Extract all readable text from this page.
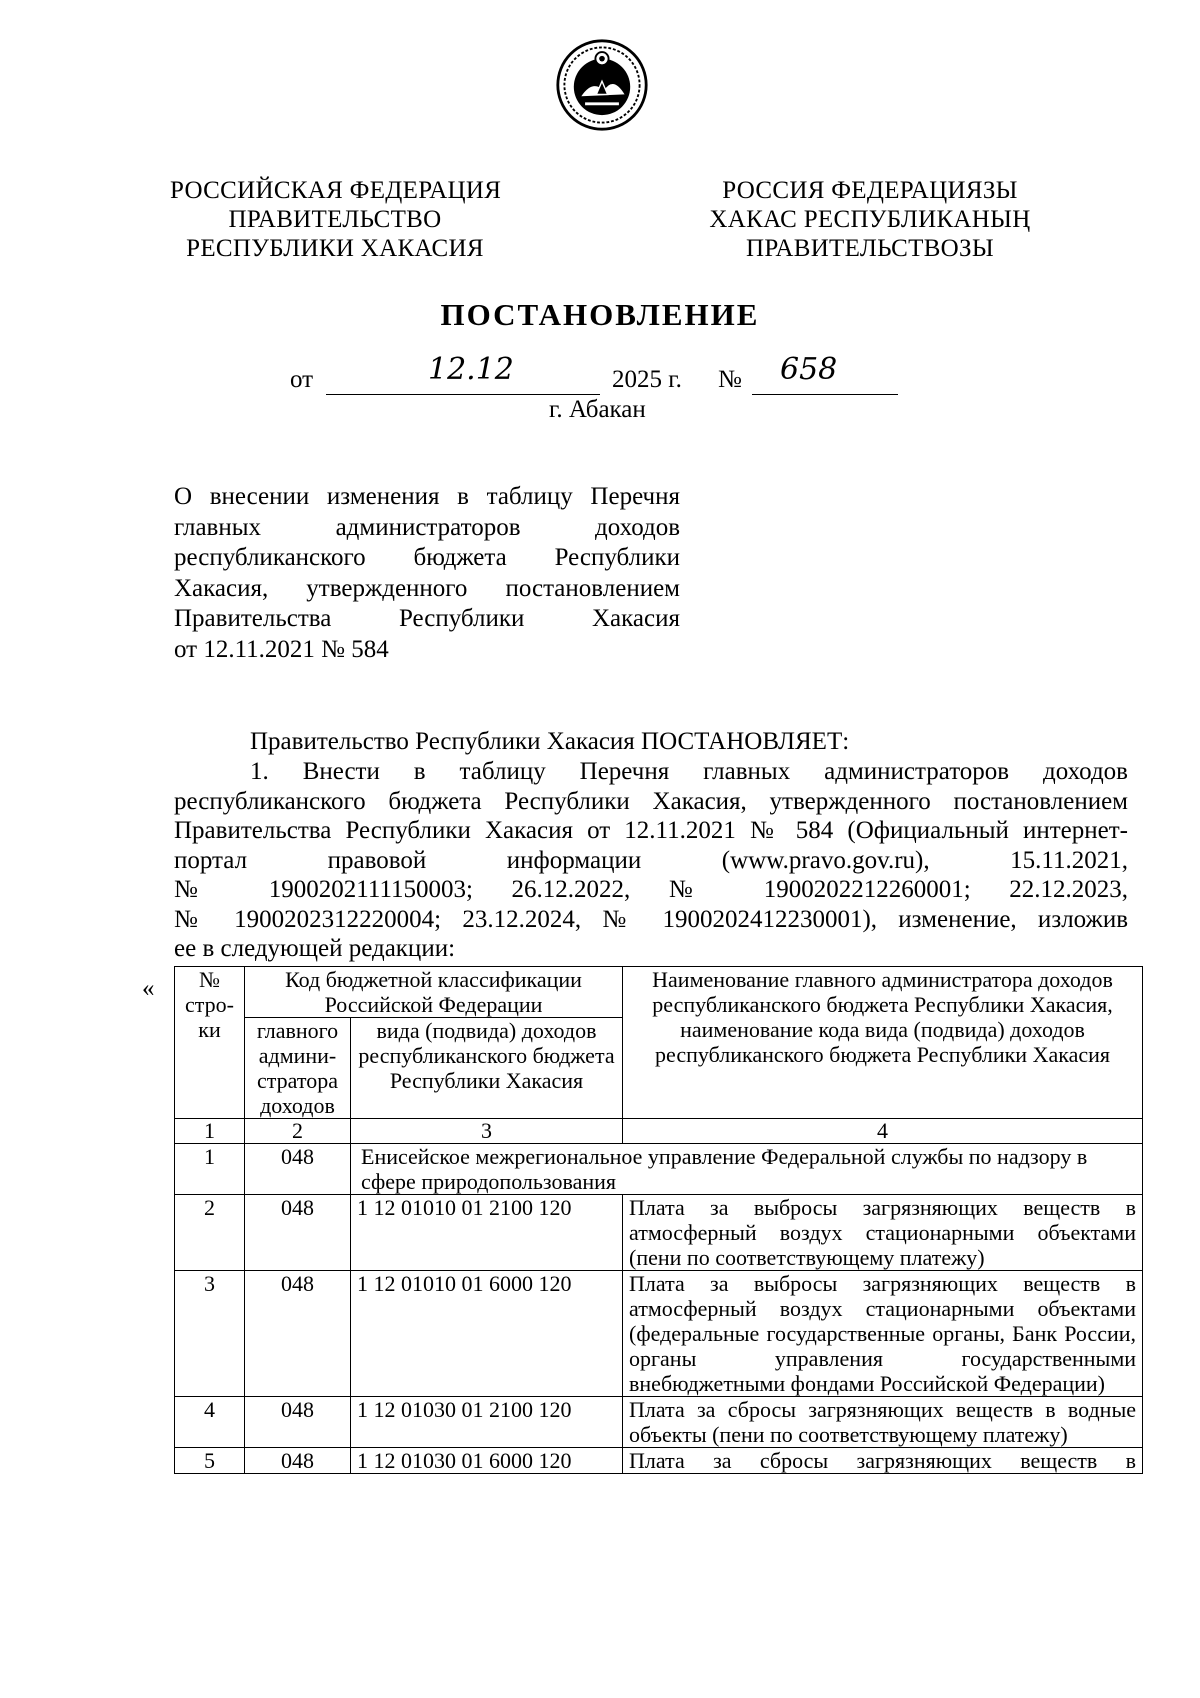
РОССИЙСКАЯ ФЕДЕРАЦИЯ
ПРАВИТЕЛЬСТВО
РЕСПУБЛИКИ ХАКАСИЯ
РОССИЯ ФЕДЕРАЦИЯЗЫ
ХАКАС РЕСПУБЛИКАНЫҢ
ПРАВИТЕЛЬСТВОЗЫ
ПОСТАНОВЛЕНИЕ
от	12.12	2025 г. № 658
г. Абакан
О внесении изменения в таблицу Перечня
главных администраторов доходов
республиканского бюджета Республики
Хакасия, утвержденного постановлением
Правительства Республики Хакасия
от 12.11.2021 № 584
Правительство Республики Хакасия ПОСТАНОВЛЯЕТ:
1. Внести в таблицу Перечня главных администраторов доходов
республиканского бюджета Республики Хакасия, утвержденного постановлением
Правительства Республики Хакасия от 12.11.2021 № 584 (Официальный интернет-
портал правовой информации (www.pravo.gov.ru), 15.11.2021,
№ 1900202111150003; 26.12.2022, № 1900202212260001; 22.12.2023,
№ 1900202312220004; 23.12.2024, № 1900202412230001), изменение, изложив
ее в следующей редакции:
« № стро-ки	Код бюджетной классификации Российской Федерации		Наименование главного администратора доходов республиканского бюджета Республики Хакасия, наименование кода вида (подвида) доходов республиканского бюджета Республики Хакасия
	главного админи-стратора доходов	вида (подвида) доходов республиканского бюджета Республики Хакасия	
1	2	3	4
1	048	Енисейское межрегиональное управление Федеральной службы по надзору в сфере природопользования	
2	048	1 12 01010 01 2100 120	Плата за выбросы загрязняющих веществ в атмосферный воздух стационарными объектами (пени по соответствующему платежу)
3	048	1 12 01010 01 6000 120	Плата за выбросы загрязняющих веществ в атмосферный воздух стационарными объектами (федеральные государственные органы, Банк России, органы управления государственными внебюджетными фондами Российской Федерации)
4	048	1 12 01030 01 2100 120	Плата за сбросы загрязняющих веществ в водные объекты (пени по соответствующему платежу)
5	048	1 12 01030 01 6000 120	Плата за сбросы загрязняющих веществ в
